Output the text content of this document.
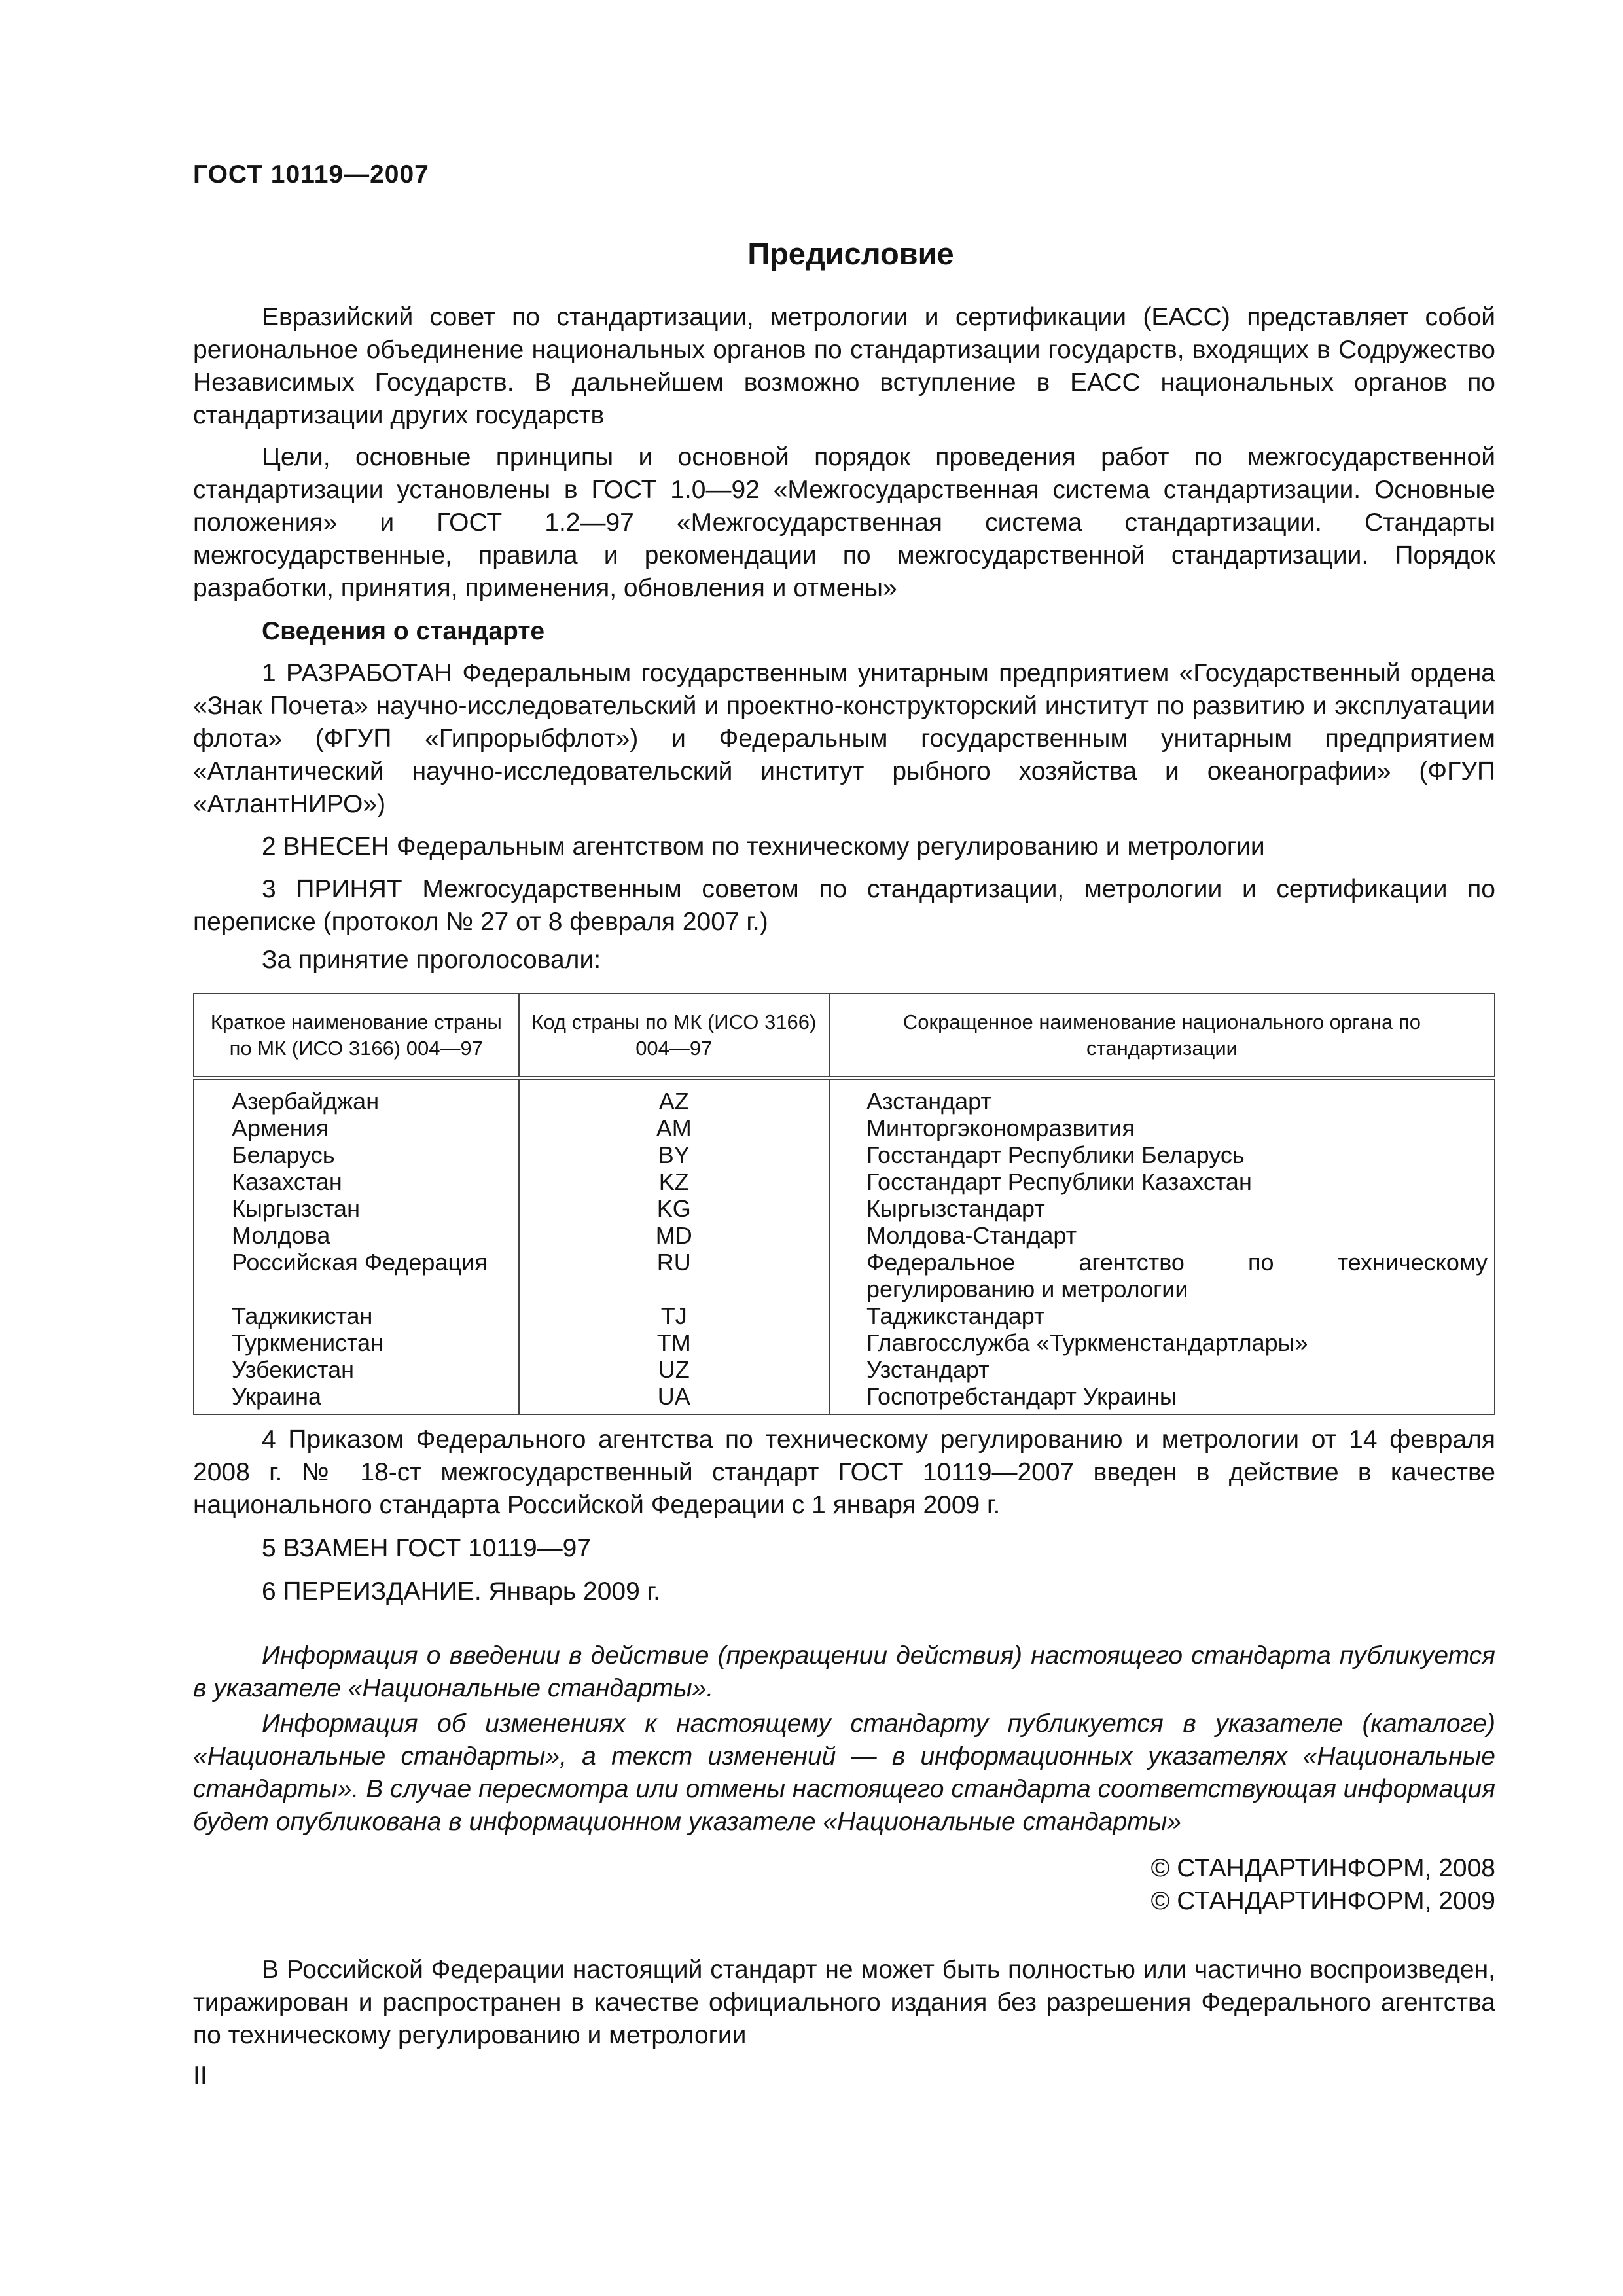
ГОСТ 10119—2007
Предисловие

Евразийский совет по стандартизации, метрологии и сертификации (ЕАСС) представляет собой региональное объединение национальных органов по стандартизации государств, входящих в Содружество Независимых Государств. В дальнейшем возможно вступление в ЕАСС национальных органов по стандартизации других государств

Цели, основные принципы и основной порядок проведения работ по межгосударственной стандартизации установлены в ГОСТ 1.0—92 «Межгосударственная система стандартизации. Основные положения» и ГОСТ 1.2—97 «Межгосударственная система стандартизации. Стандарты межгосударственные, правила и рекомендации по межгосударственной стандартизации. Порядок разработки, принятия, применения, обновления и отмены»

Сведения о стандарте

1 РАЗРАБОТАН Федеральным государственным унитарным предприятием «Государственный ордена «Знак Почета» научно-исследовательский и проектно-конструкторский институт по развитию и эксплуатации флота» (ФГУП «Гипрорыбфлот») и Федеральным государственным унитарным предприятием «Атлантический научно-исследовательский институт рыбного хозяйства и океанографии» (ФГУП «АтлантНИРО»)

2 ВНЕСЕН Федеральным агентством по техническому регулированию и метрологии

3 ПРИНЯТ Межгосударственным советом по стандартизации, метрологии и сертификации по переписке (протокол № 27 от 8 февраля 2007 г.)

За принятие проголосовали:
Краткое наименование страны по МК (ИСО 3166) 004—97	Код страны по МК (ИСО 3166) 004—97	Сокращенное наименование национального органа по стандартизации
Азербайджан	AZ	Азстандарт
Армения	AM	Минторгэкономразвития
Беларусь	BY	Госстандарт Республики Беларусь
Казахстан	KZ	Госстандарт Республики Казахстан
Кыргызстан	KG	Кыргызстандарт
Молдова	MD	Молдова-Стандарт
Российская Федерация	RU	Федеральное агентство по техническому регулированию и метрологии
Таджикистан	TJ	Таджикстандарт
Туркменистан	TM	Главгосслужба «Туркменстандартлары»
Узбекистан	UZ	Узстандарт
Украина	UA	Госпотребстандарт Украины

4 Приказом Федерального агентства по техническому регулированию и метрологии от 14 февраля 2008 г. № 18-ст межгосударственный стандарт ГОСТ 10119—2007 введен в действие в качестве национального стандарта Российской Федерации с 1 января 2009 г.

5 ВЗАМЕН ГОСТ 10119—97

6 ПЕРЕИЗДАНИЕ. Январь 2009 г.

Информация о введении в действие (прекращении действия) настоящего стандарта публикуется в указателе «Национальные стандарты».

Информация об изменениях к настоящему стандарту публикуется в указателе (каталоге) «Национальные стандарты», а текст изменений — в информационных указателях «Национальные стандарты». В случае пересмотра или отмены настоящего стандарта соответствующая информация будет опубликована в информационном указателе «Национальные стандарты»

© СТАНДАРТИНФОРМ, 2008
© СТАНДАРТИНФОРМ, 2009

В Российской Федерации настоящий стандарт не может быть полностью или частично воспроизведен, тиражирован и распространен в качестве официального издания без разрешения Федерального агентства по техническому регулированию и метрологии

II
